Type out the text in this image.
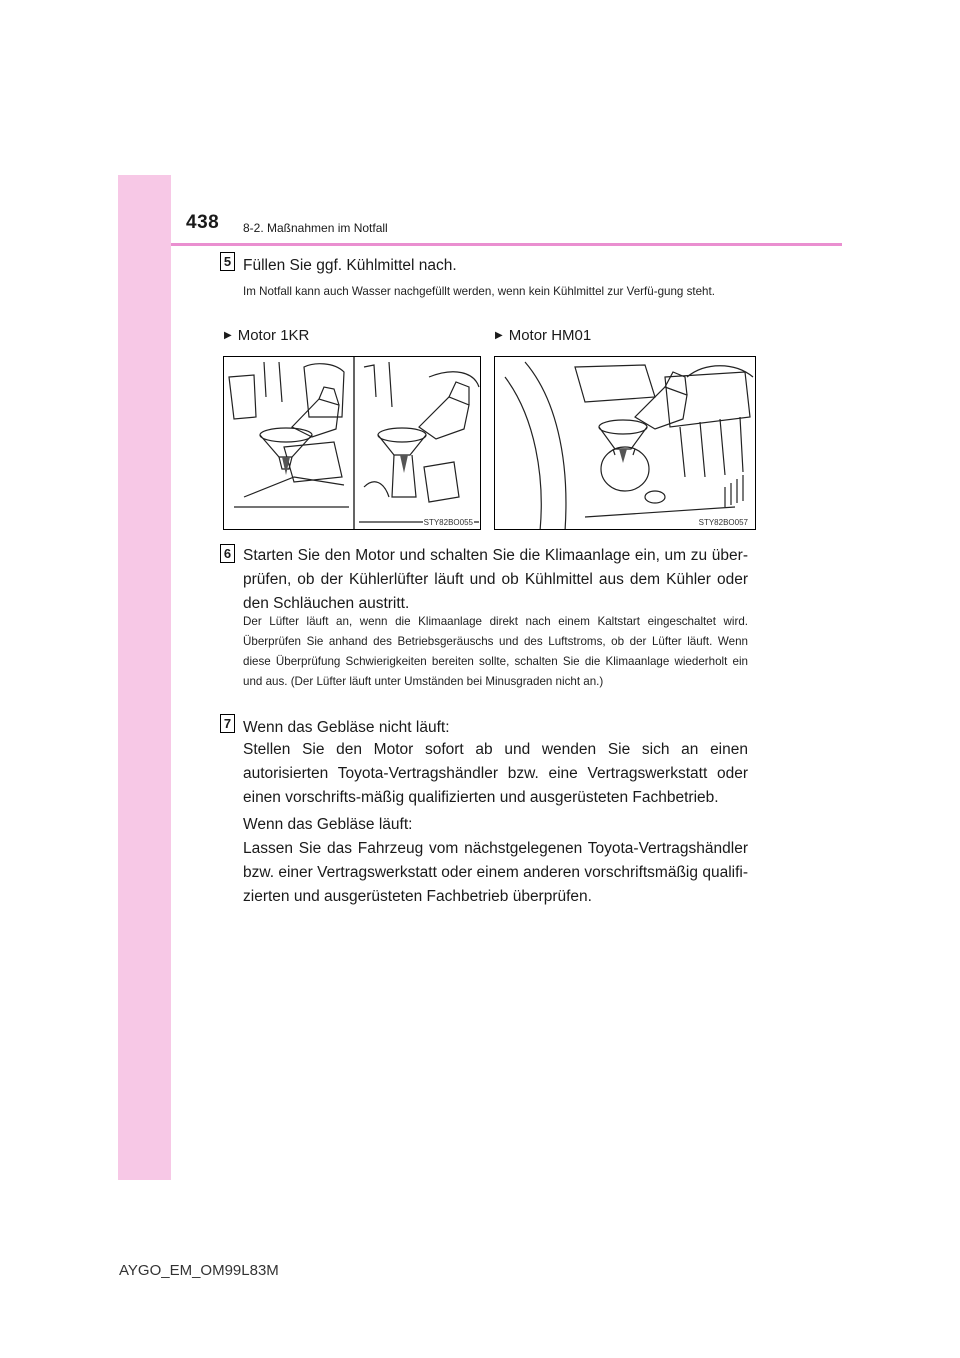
438 8-2. Maßnahmen im Notfall
5 Füllen Sie ggf. Kühlmittel nach.

Im Notfall kann auch Wasser nachgefüllt werden, wenn kein Kühlmittel zur Verfü-gung steht.

▶ Motor 1KR	▶ Motor HM01
STY82BO055	STY82BO057
6 Starten Sie den Motor und schalten Sie die Klimaanlage ein, um zu über-prüfen, ob der Kühlerlüfter läuft und ob Kühlmittel aus dem Kühler oder den Schläuchen austritt.

Der Lüfter läuft an, wenn die Klimaanlage direkt nach einem Kaltstart eingeschaltet wird. Überprüfen Sie anhand des Betriebsgeräuschs und des Luftstroms, ob der Lüfter läuft. Wenn diese Überprüfung Schwierigkeiten bereiten sollte, schalten Sie die Klimaanlage wiederholt ein und aus. (Der Lüfter läuft unter Umständen bei Minusgraden nicht an.)

7 Wenn das Gebläse nicht läuft:

Stellen Sie den Motor sofort ab und wenden Sie sich an einen autorisierten Toyota-Vertragshändler bzw. eine Vertragswerkstatt oder einen vorschrifts-mäßig qualifizierten und ausgerüsteten Fachbetrieb.

Wenn das Gebläse läuft:

Lassen Sie das Fahrzeug vom nächstgelegenen Toyota-Vertragshändler bzw. einer Vertragswerkstatt oder einem anderen vorschriftsmäßig qualifi-zierten und ausgerüsteten Fachbetrieb überprüfen.

AYGO_EM_OM99L83M
